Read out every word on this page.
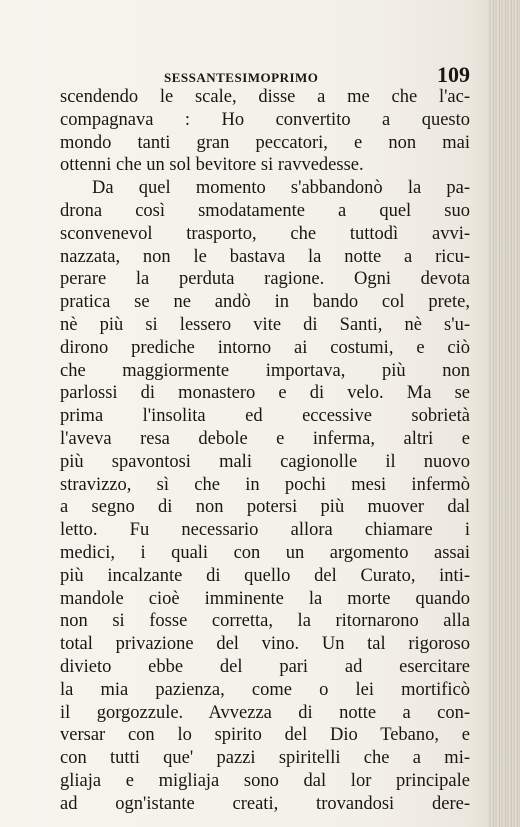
SESSANTESIMOPRIMO	109
scendendo le scale, disse a me che l'ac-
compagnava : Ho convertito a questo
mondo tanti gran peccatori, e non mai
ottenni che un sol bevitore si ravvedesse.
Da quel momento s'abbandonò la pa-
drona così smodatamente a quel suo
sconvenevol trasporto, che tuttodì avvi-
nazzata, non le bastava la notte a ricu-
perare la perduta ragione. Ogni devota
pratica se ne andò in bando col prete,
nè più si lessero vite di Santi, nè s'u-
dirono prediche intorno ai costumi, e ciò
che maggiormente importava, più non
parlossi di monastero e di velo. Ma se
prima l'insolita ed eccessive sobrietà
l'aveva resa debole e inferma, altri e
più spavontosi mali cagionolle il nuovo
stravizzo, sì che in pochi mesi infermò
a segno di non potersi più muover dal
letto. Fu necessario allora chiamare i
medici, i quali con un argomento assai
più incalzante di quello del Curato, inti-
mandole cioè imminente la morte quando
non si fosse corretta, la ritornarono alla
total privazione del vino. Un tal rigoroso
divieto ebbe del pari ad esercitare
la mia pazienza, come o lei mortificò
il gorgozzule. Avvezza di notte a con-
versar con lo spirito del Dio Tebano, e
con tutti que' pazzi spiritelli che a mi-
gliaja e migliaja sono dal lor principale
ad ogn'istante creati, trovandosi dere-
